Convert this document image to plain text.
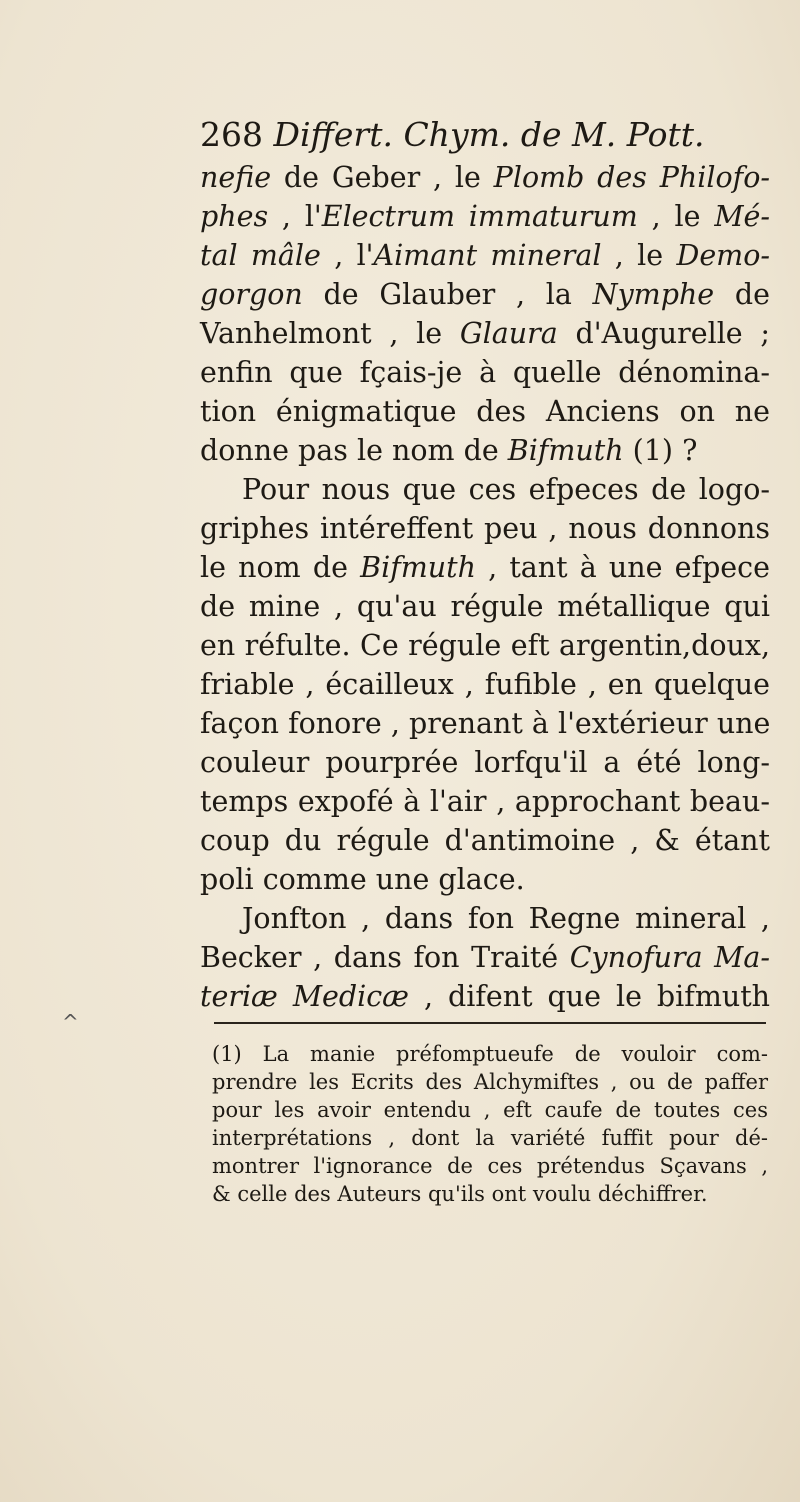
268 Differt. Chym. de M. Pott.
nefie de Geber , le Plomb des Philofo-
phes , l'Electrum immaturum , le Mé-
tal mâle , l'Aimant mineral , le Demo-
gorgon de Glauber , la Nymphe de
Vanhelmont , le Glaura d'Augurelle ;
enfin que fçais-je à quelle dénomina-
tion énigmatique des Anciens on ne
donne pas le nom de Bifmuth (1) ?
Pour nous que ces efpeces de logo-
griphes intéreffent peu , nous donnons
le nom de Bifmuth , tant à une efpece
de mine , qu'au régule métallique qui
en réfulte. Ce régule eft argentin,doux,
friable , écailleux , fufible , en quelque
façon fonore , prenant à l'extérieur une
couleur pourprée lorfqu'il a été long-
temps expofé à l'air , approchant beau-
coup du régule d'antimoine , & étant
poli comme une glace.
Jonfton , dans fon Regne mineral ,
Becker , dans fon Traité Cynofura Ma-
teriæ Medicæ , difent que le bifmuth
^
(1) La manie préfomptueufe de vouloir com-
prendre les Ecrits des Alchymiftes , ou de paffer
pour les avoir entendu , eft caufe de toutes ces
interprétations , dont la variété fuffit pour dé-
montrer l'ignorance de ces prétendus Sçavans ,
& celle des Auteurs qu'ils ont voulu déchiffrer.
